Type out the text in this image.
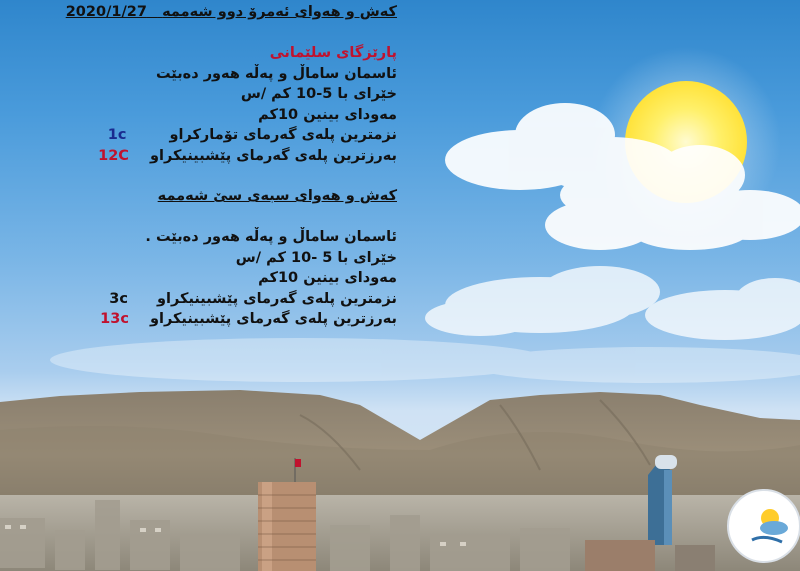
کەش و هەوای ئەمرۆ دوو شەممە   2020/1/27
پارێزگای سلێمانی
ئاسمان ساماڵ و پەڵە هەور دەبێت
خێرای با 5-10 کم /س
مەودای بینین 10کم
نزمترین پلەی گەرمای تۆمارکراو 1c
بەرزترین پلەی گەرمای پێشبینیکراو 12C
کەش و هەوای سبەی سێ شەممە
ئاسمان ساماڵ و پەڵە هەور دەبێت .
خێرای با 5 -10 کم /س
مەودای بینین 10کم
نزمترین پلەی گەرمای پێشبینیکراو 3c
بەرزترین پلەی گەرمای پێشبینیکراو 13c
